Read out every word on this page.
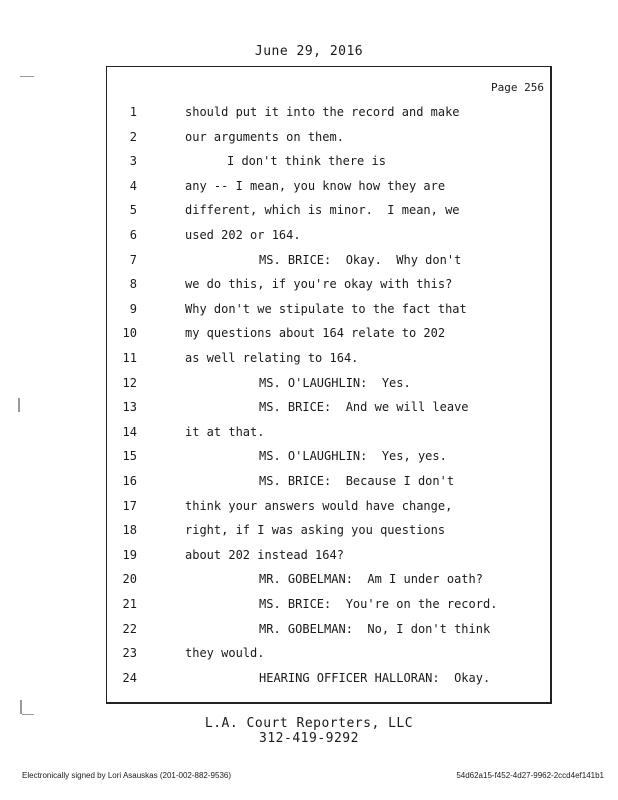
June 29, 2016
Page 256
1	should put it into the record and make
2	our arguments on them.
3	I don't think there is
4	any -- I mean, you know how they are
5	different, which is minor.  I mean, we
6	used 202 or 164.
7	MS. BRICE:  Okay.  Why don't
8	we do this, if you're okay with this?
9	Why don't we stipulate to the fact that
10	my questions about 164 relate to 202
11	as well relating to 164.
12	MS. O'LAUGHLIN:  Yes.
13	MS. BRICE:  And we will leave
14	it at that.
15	MS. O'LAUGHLIN:  Yes, yes.
16	MS. BRICE:  Because I don't
17	think your answers would have change,
18	right, if I was asking you questions
19	about 202 instead 164?
20	MR. GOBELMAN:  Am I under oath?
21	MS. BRICE:  You're on the record.
22	MR. GOBELMAN:  No, I don't think
23	they would.
24	HEARING OFFICER HALLORAN:  Okay.
L.A. Court Reporters, LLC
312-419-9292
Electronically signed by Lori Asauskas (201-002-882-9536)	54d62a15-f452-4d27-9962-2ccd4ef141b1
